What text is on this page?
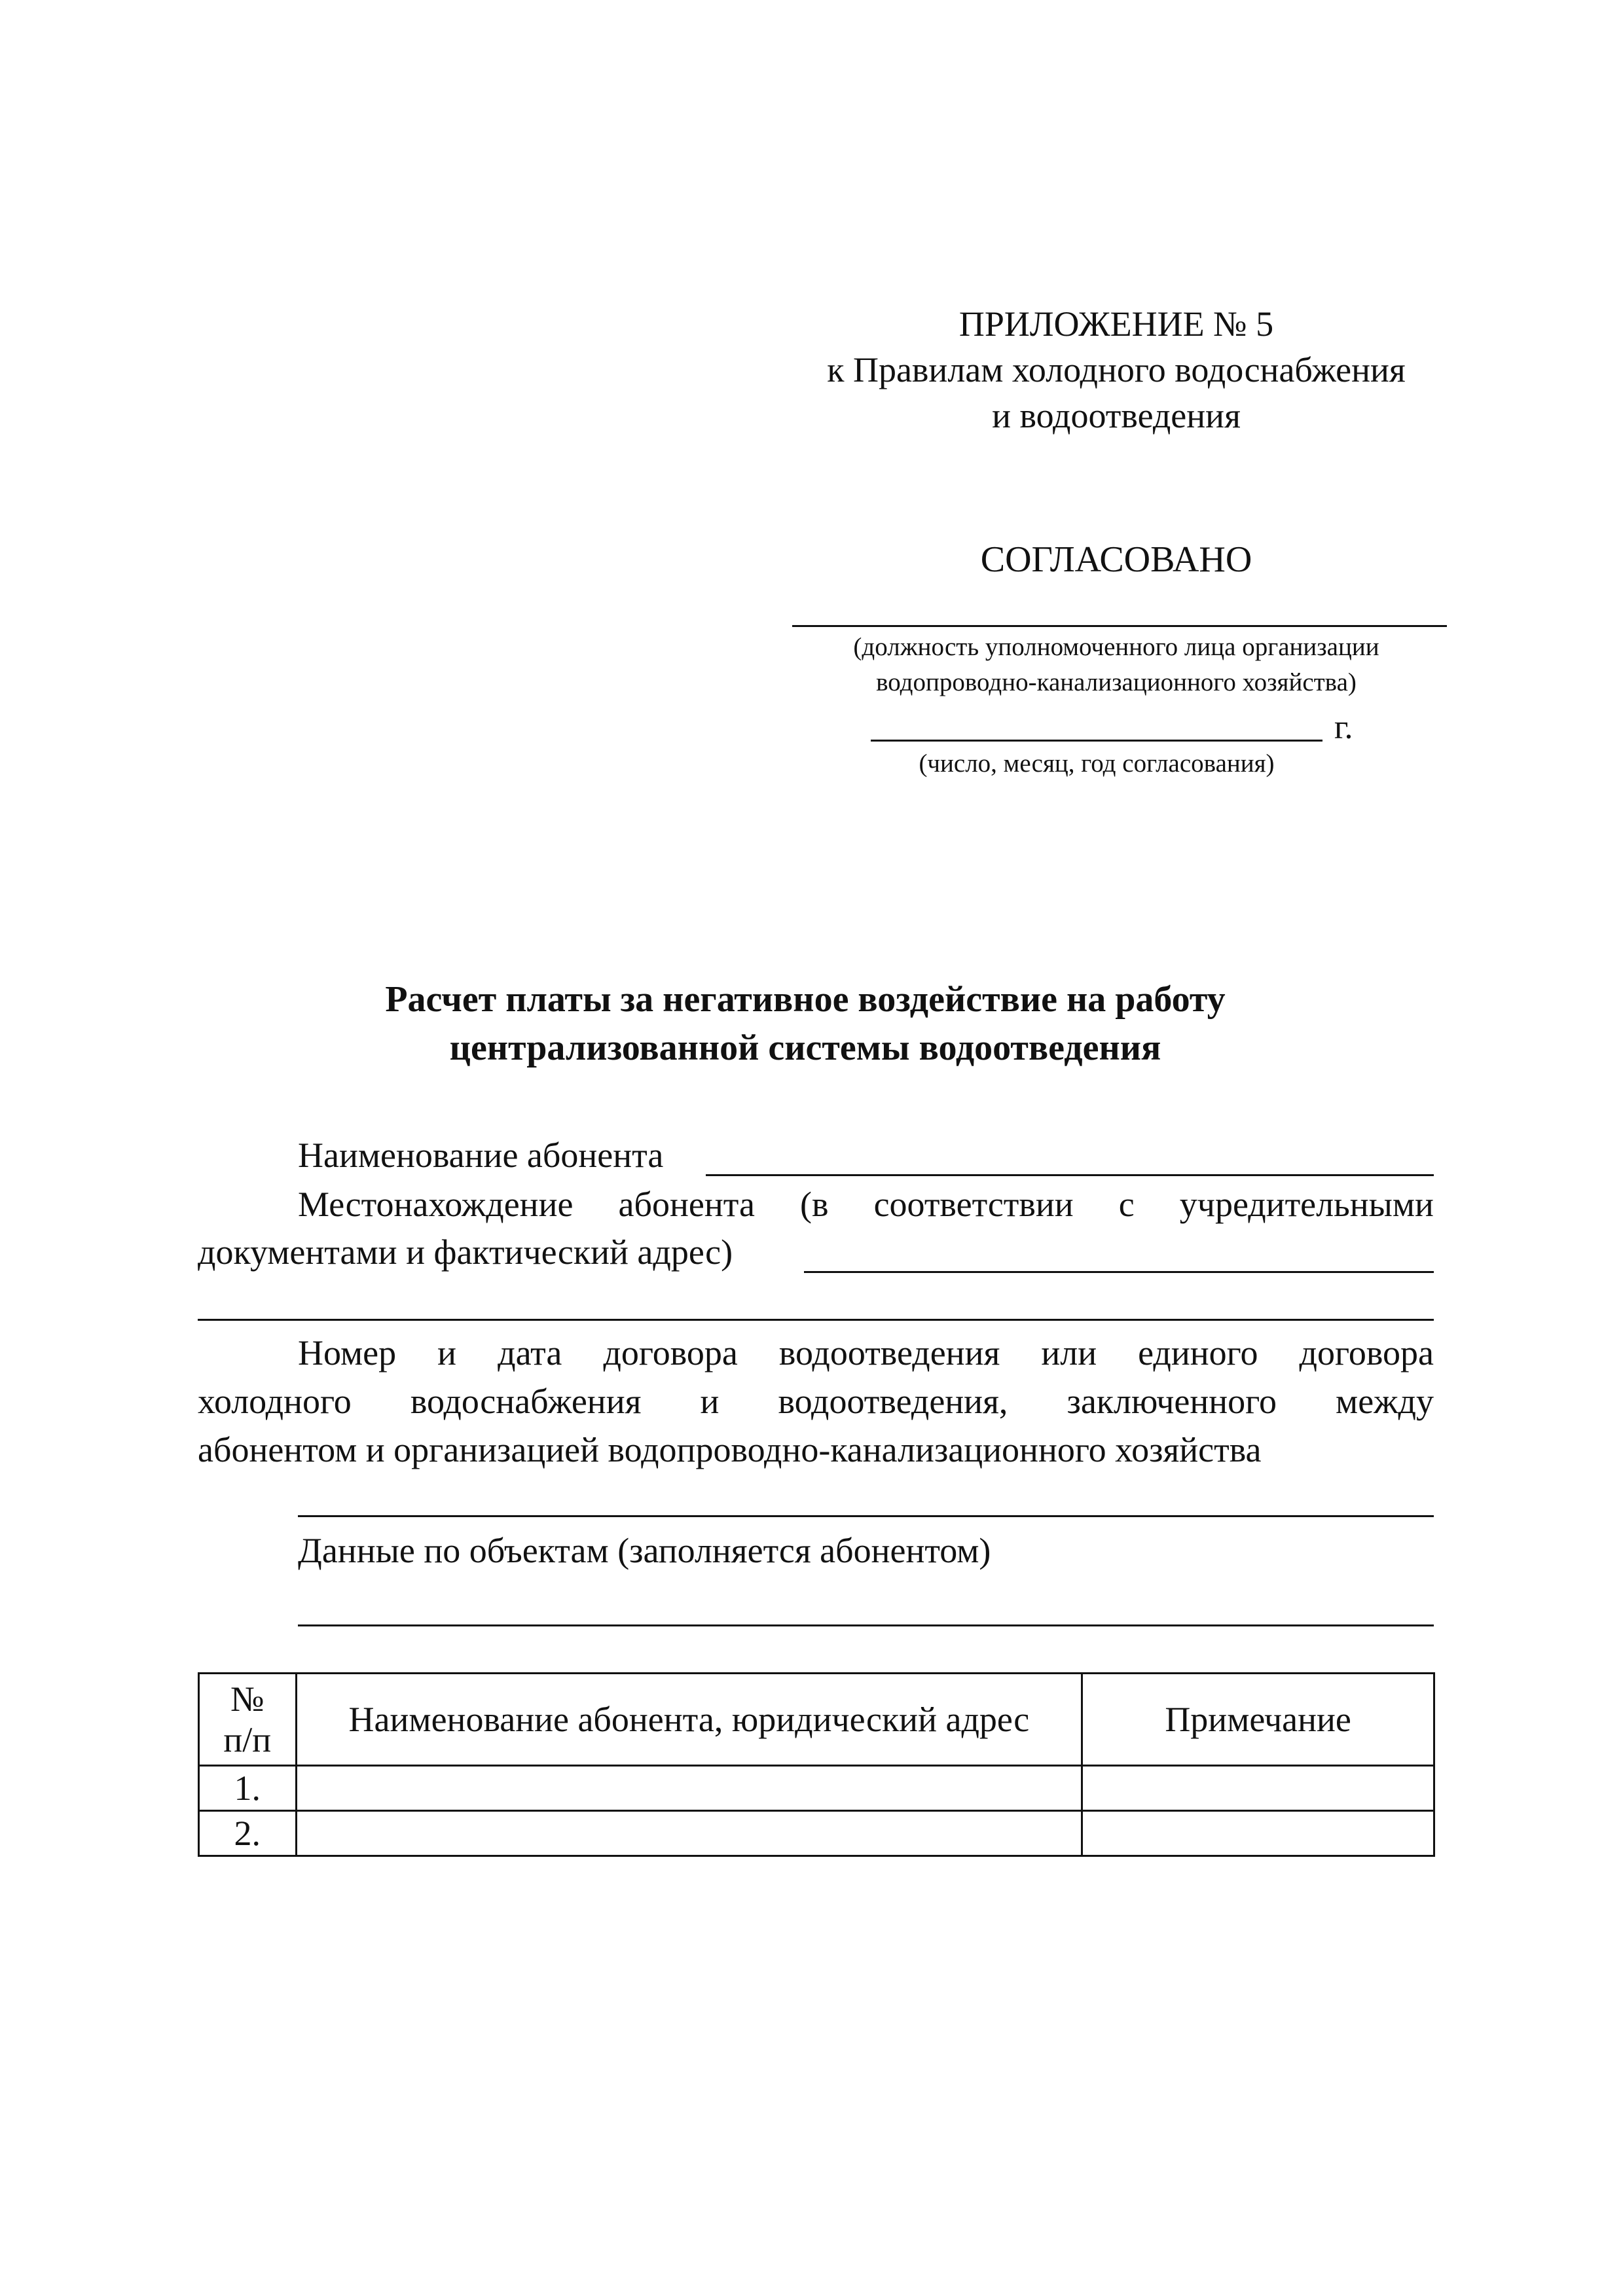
ПРИЛОЖЕНИЕ № 5
к Правилам холодного водоснабжения
и водоотведения
СОГЛАСОВАНО
(должность уполномоченного лица организации
водопроводно-канализационного хозяйства)
г.
(число, месяц, год согласования)
Расчет платы за негативное воздействие на работу
централизованной системы водоотведения
Наименование абонента
Местонахождение абонента (в соответствии с учредительными
документами и фактический адрес)
Номер и дата договора водоотведения или единого договора
холодного водоснабжения и водоотведения, заключенного между
абонентом и организацией водопроводно-канализационного хозяйства
Данные по объектам (заполняется абонентом)
№
п/п	Наименование абонента, юридический адрес	Примечание
1.		
2.		
